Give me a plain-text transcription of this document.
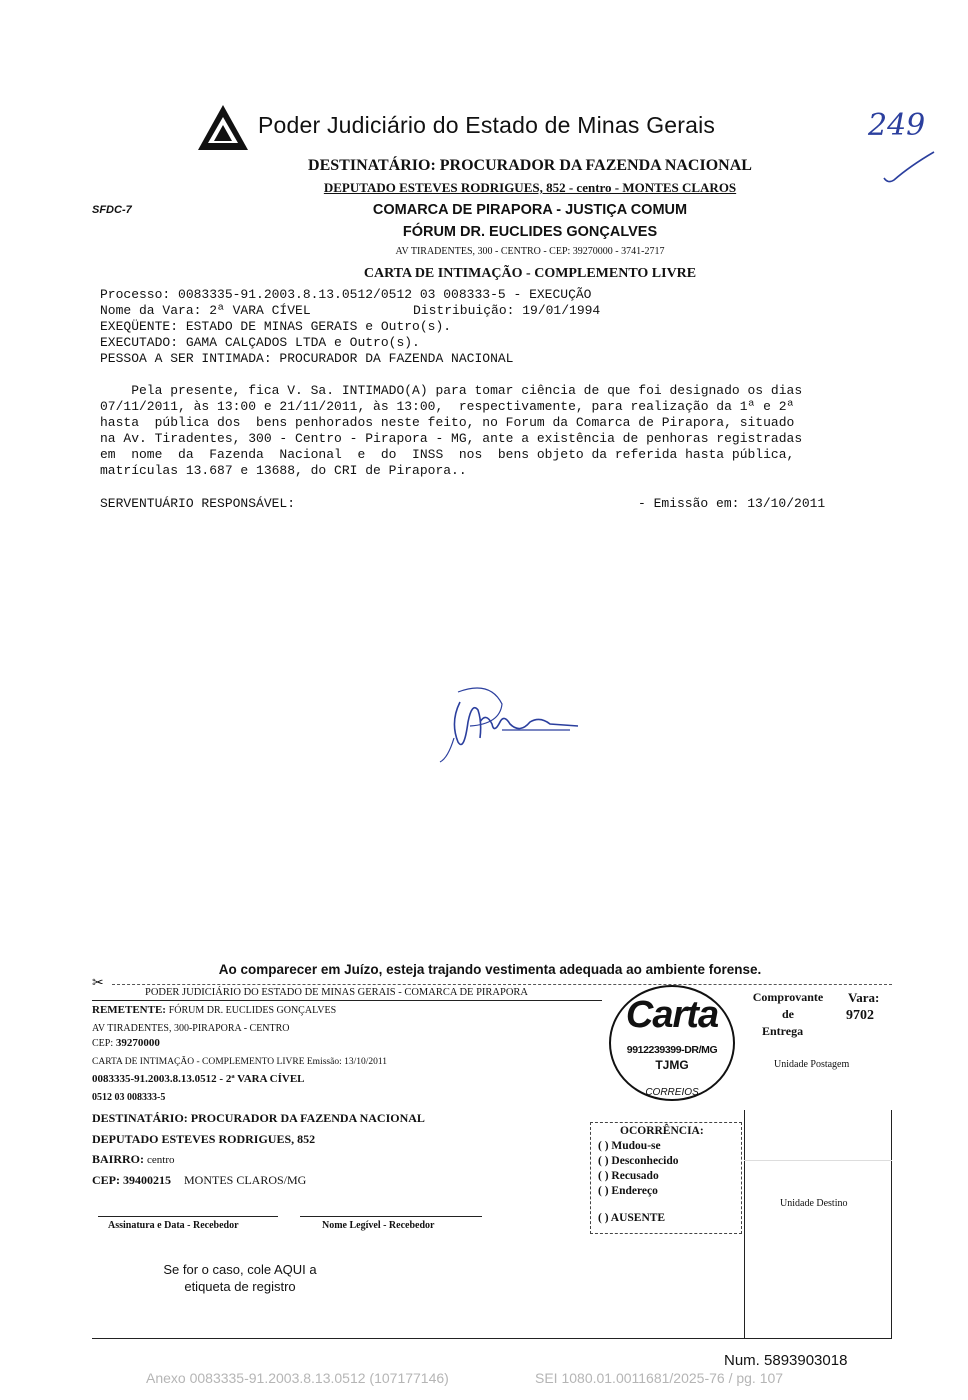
Poder Judiciário do Estado de Minas Gerais	249
DESTINATÁRIO: PROCURADOR DA FAZENDA NACIONAL
DEPUTADO ESTEVES RODRIGUES, 852 - centro - MONTES CLAROS
SFDC-7	COMARCA DE PIRAPORA - JUSTIÇA COMUM
FÓRUM DR. EUCLIDES GONÇALVES
AV TIRADENTES, 300 - CENTRO - CEP: 39270000 - 3741-2717
CARTA DE INTIMAÇÃO - COMPLEMENTO LIVRE
Processo: 0083335-91.2003.8.13.0512/0512 03 008333-5 - EXECUÇÃO
Nome da Vara: 2ª VARA CÍVEL	Distribuição: 19/01/1994
EXEQÜENTE: ESTADO DE MINAS GERAIS e Outro(s).
EXECUTADO: GAMA CALÇADOS LTDA e Outro(s).
PESSOA A SER INTIMADA: PROCURADOR DA FAZENDA NACIONAL
Pela presente, fica V. Sa. INTIMADO(A) para tomar ciência de que foi designado os dias
07/11/2011, às 13:00 e 21/11/2011, às 13:00,  respectivamente, para realização da 1ª e 2ª
hasta  pública dos  bens penhorados neste feito, no Forum da Comarca de Pirapora, situado
na Av. Tiradentes, 300 - Centro - Pirapora - MG, ante a existência de penhoras registradas
em  nome  da  Fazenda  Nacional  e  do  INSS  nos  bens objeto da referida hasta pública,
matrículas 13.687 e 13688, do CRI de Pirapora..
SERVENTUÁRIO RESPONSÁVEL:	- Emissão em: 13/10/2011
Ao comparecer em Juízo, esteja trajando vestimenta adequada ao ambiente forense.
✂
PODER JUDICIÁRIO DO ESTADO DE MINAS GERAIS - COMARCA DE PIRAPORA
REMETENTE: FÓRUM DR. EUCLIDES GONÇALVES
AV TIRADENTES, 300-PIRAPORA - CENTRO
CEP: 39270000
CARTA DE INTIMAÇÃO - COMPLEMENTO LIVRE Emissão: 13/10/2011
0083335-91.2003.8.13.0512 - 2ª VARA CÍVEL
0512 03 008333-5
DESTINATÁRIO: PROCURADOR DA FAZENDA NACIONAL
DEPUTADO ESTEVES RODRIGUES, 852
BAIRRO: centro
CEP: 39400215 MONTES CLAROS/MG
Assinatura e Data - Recebedor	Nome Legível - Recebedor
Se for o caso, cole AQUI a
etiqueta de registro
Carta
9912239399-DR/MG
TJMG
CORREIOS
Comprovante
de
Entrega
Vara:
9702
Unidade Postagem
Unidade Destino
OCORRÊNCIA:
( ) Mudou-se
( ) Desconhecido
( ) Recusado
( ) Endereço
( ) AUSENTE
Num. 5893903018
Anexo 0083335-91.2003.8.13.0512 (107177146)	SEI 1080.01.0011681/2025-76 / pg. 107
